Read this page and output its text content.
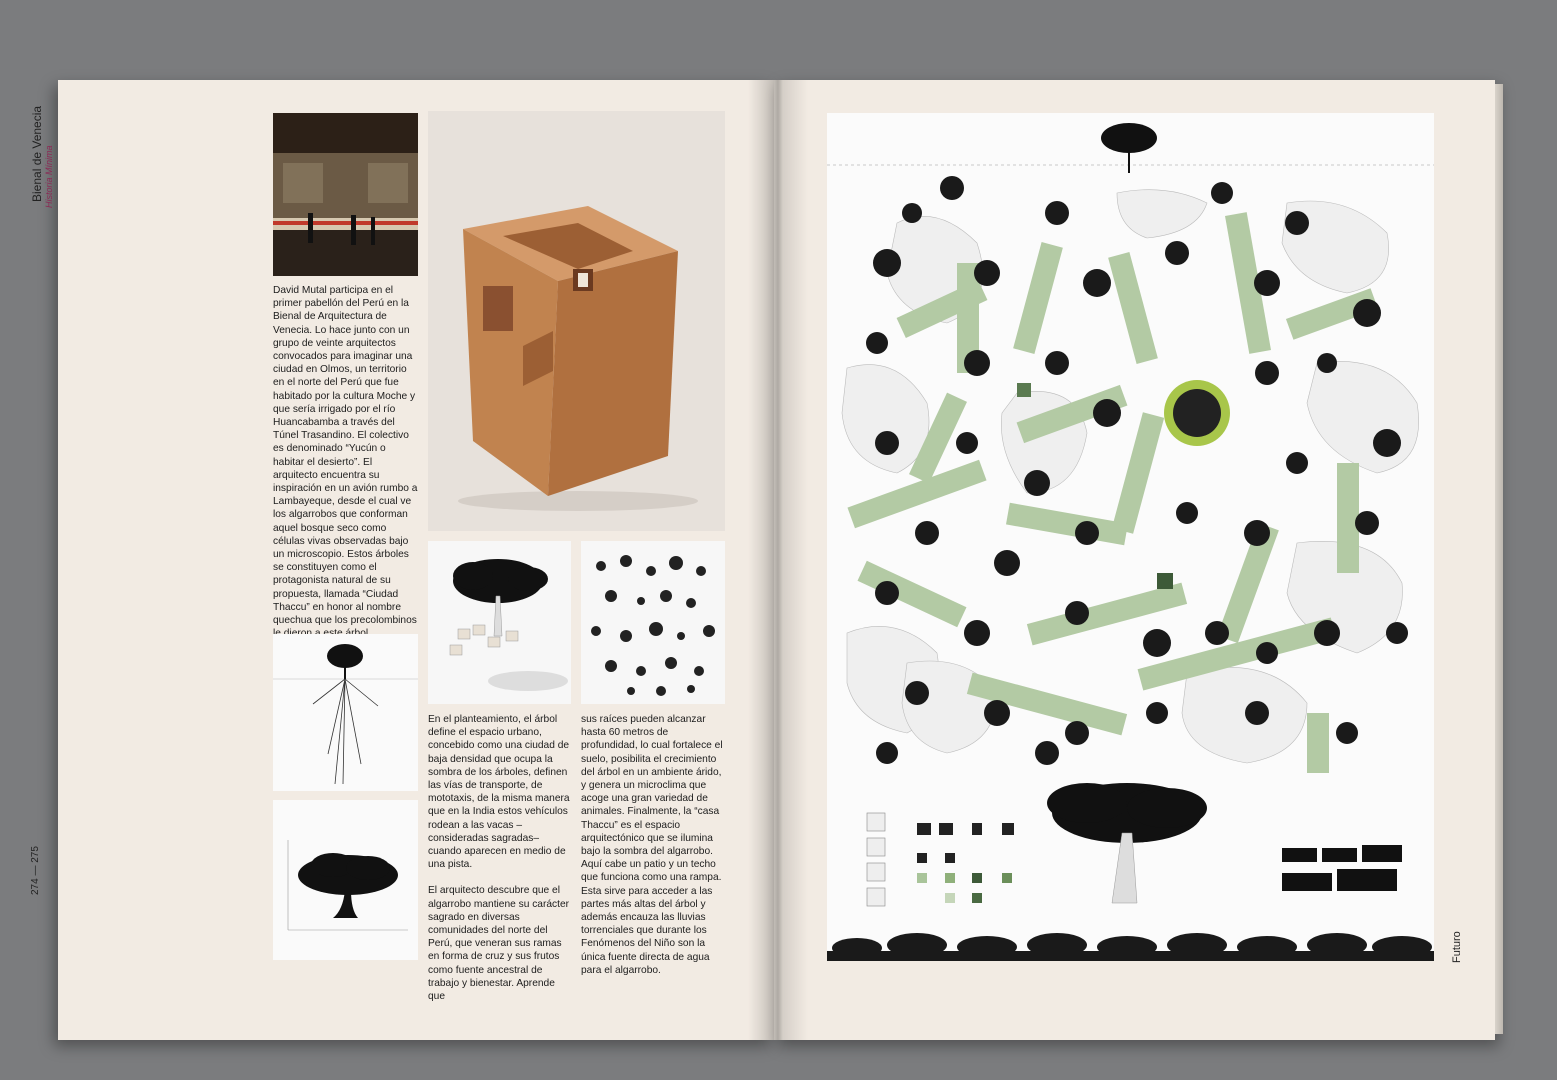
Bienal de Venecia Historia Mínima
274 — 275
Futuro
David Mutal participa en el primer pabellón del Perú en la Bienal de Arquitectura de Venecia. Lo hace junto con un grupo de veinte arquitectos convocados para imaginar una ciudad en Olmos, un territorio en el norte del Perú que fue habitado por la cultura Moche y que sería irrigado por el río Huancabamba a través del Túnel Trasandino. El colectivo es denominado “Yucún o habitar el desierto”. El arquitecto encuentra su inspiración en un avión rumbo a Lambayeque, desde el cual ve los algarrobos que conforman aquel bosque seco como células vivas observadas bajo un microscopio. Estos árboles se constituyen como el protagonista natural de su propuesta, llamada “Ciudad Thaccu” en honor al nombre quechua que los precolombinos

En el planteamiento, el árbol define el espacio urbano, concebido como una ciudad de baja densidad que ocupa la sombra de los árboles, definen las vías de transporte, de mototaxis, de la misma manera que en la India estos vehículos rodean a las vacas –consideradas sagradas– cuando aparecen en medio de una pista.

El arquitecto descubre que el algarrobo mantiene su carácter sagrado en diversas comunidades del norte del Perú, que veneran sus ramas en forma de cruz y sus frutos como fuente ancestral de trabajo y bienestar. Aprende que

sus raíces pueden alcanzar hasta 60 metros de profundidad, lo cual fortalece el suelo, posibilita el crecimiento del árbol en un ambiente árido, y genera un microclima que acoge una gran variedad de animales. Finalmente, la “casa Thaccu” es el espacio arquitectónico que se ilumina bajo la sombra del algarrobo. Aquí cabe un patio y un techo que funciona como una rampa. Esta sirve para acceder a las partes más altas del árbol y además encauza las lluvias torrenciales que durante los Fenómenos del Niño son la única fuente directa de agua para el algarrobo.
